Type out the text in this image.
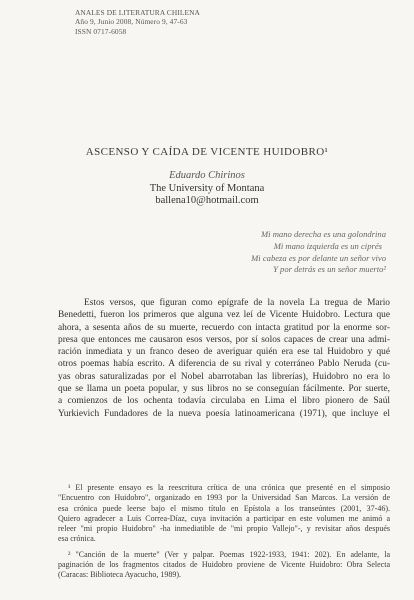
ANALES DE LITERATURA CHILENA
Año 9, Junio 2008, Número 9, 47-63
ISSN 0717-6058
ASCENSO Y CAÍDA DE VICENTE HUIDOBRO¹
Eduardo Chirinos
The University of Montana
ballena10@hotmail.com
Mi mano derecha es una golondrina
Mi mano izquierda es un ciprés
Mi cabeza es por delante un señor vivo
Y por detrás es un señor muerto²
Estos versos, que figuran como epígrafe de la novela La tregua de Mario
Benedetti, fueron los primeros que alguna vez leí de Vicente Huidobro. Lectura que
ahora, a sesenta años de su muerte, recuerdo con intacta gratitud por la enorme sor-
presa que entonces me causaron esos versos, por sí solos capaces de crear una admi-
ración inmediata y un franco deseo de averiguar quién era ese tal Huidobro y qué
otros poemas había escrito. A diferencia de su rival y coterráneo Pablo Neruda (cu-
yas obras saturalizadas por el Nobel abarrotaban las librerías), Huidobro no era lo
que se llama un poeta popular, y sus libros no se conseguían fácilmente. Por suerte,
a comienzos de los ochenta todavía circulaba en Lima el libro pionero de Saúl
Yurkievich Fundadores de la nueva poesía latinoamericana (1971), que incluye el
¹ El presente ensayo es la reescritura crítica de una crónica que presenté en el simposio
"Encuentro con Huidobro", organizado en 1993 por la Universidad San Marcos. La versión de
esa crónica puede leerse bajo el mismo título en Epístola a los transeúntes (2001, 37-46).
Quiero agradecer a Luis Correa-Díaz, cuya invitación a participar en este volumen me animó a
releer "mi propio Huidobro" -ha inmediatible de "mi propio Vallejo"-, y revisitar años después
esa crónica.
² "Canción de la muerte" (Ver y palpar. Poemas 1922-1933, 1941: 202). En adelante, la
paginación de los fragmentos citados de Huidobro proviene de Vicente Huidobro: Obra Selecta
(Caracas: Biblioteca Ayacucho, 1989).
